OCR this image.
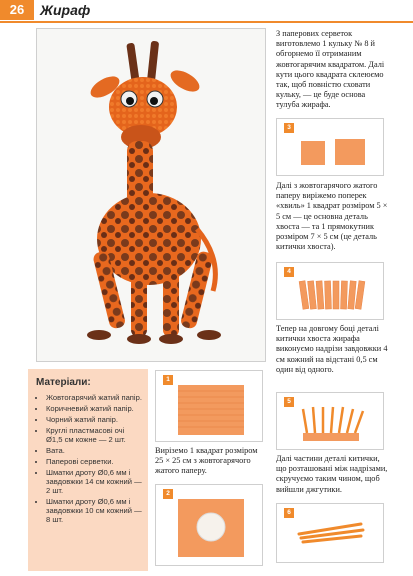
26	Жираф
Матеріали:
• Жовтогарячий жатий папір.
• Коричневий жатий папір.
• Чорний жатий папір.
• Круглі пластмасові очі Ø1,5 см кожне — 2 шт.
• Вата.
• Паперові серветки.
• Шматки дроту Ø0,6 мм і завдовжки 14 см кожний — 2 шт.
• Шматки дроту Ø0,6 мм і завдовжки 10 см кожний — 8 шт.
1
Виріземо 1 квадрат розміром 25 × 25 см з жовтогарячого жатого паперу.
2
З паперових серветок виготовлемо 1 кульку № 8 й обгорнемо її отриманим жовтогарячим квадратом. Далі кути цього квадрата склеюємо так, щоб повністю сховати кульку, — це буде основа тулуба жирафа.
3
Далі з жовтогарячого жатого паперу виріжемо поперек «хвиль» 1 квадрат розміром 5 × 5 см — це основна деталь хвоста — та 1 прямокутник розміром 7 × 5 см (це деталь китички хвоста).
4
Тепер на довгому боці деталі китички хвоста жирафа виконуємо надрізи завдовжки 4 см кожний на відстані 0,5 см один від одного.
5
Далі частини деталі китички, що розташовані між надрізами, скручуємо таким чином, щоб вийшли джгутики.
6
